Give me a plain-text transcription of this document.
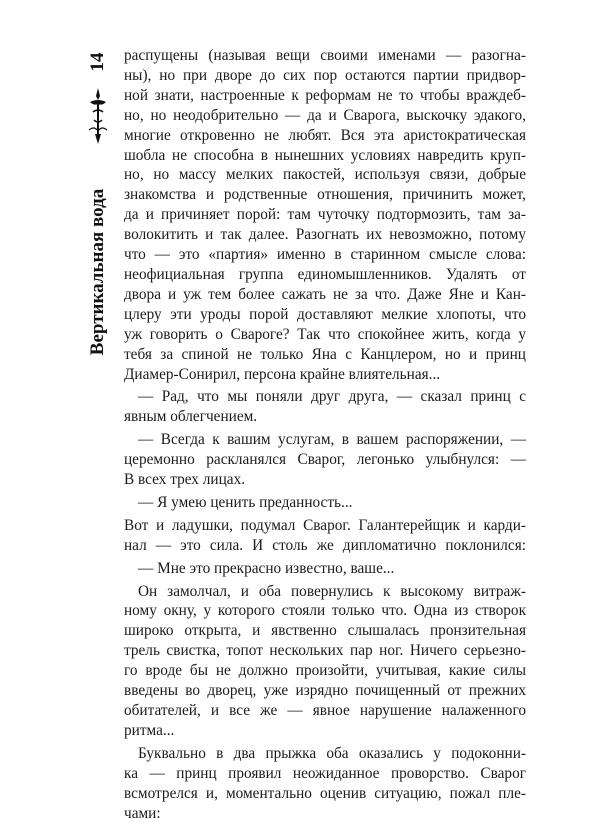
14
Вертикальная вода
распущены (называя вещи своими именами — разогна-
ны), но при дворе до сих пор остаются партии придвор-
ной знати, настроенные к реформам не то чтобы враждеб-
но, но неодобрительно — да и Сварога, выскочку эдакого,
многие откровенно не любят. Вся эта аристократическая
шобла не способна в нынешних условиях навредить круп-
но, но массу мелких пакостей, используя связи, добрые
знакомства и родственные отношения, причинить может,
да и причиняет порой: там чуточку подтормозить, там за-
волокитить и так далее. Разогнать их невозможно, потому
что — это «партия» именно в старинном смысле слова:
неофициальная группа единомышленников. Удалять от
двора и уж тем более сажать не за что. Даже Яне и Кан-
цлеру эти уроды порой доставляют мелкие хлопоты, что
уж говорить о Свароге? Так что спокойнее жить, когда у
тебя за спиной не только Яна с Канцлером, но и принц
Диамер-Сонирил, персона крайне влиятельная...
— Рад, что мы поняли друг друга, — сказал принц с
явным облегчением.
— Всегда к вашим услугам, в вашем распоряжении, —
церемонно раскланялся Сварог, легонько улыбнулся: —
В всех трех лицах.
— Я умею ценить преданность...
Вот и ладушки, подумал Сварог. Галантерейщик и карди-
нал — это сила. И столь же дипломатично поклонился:
— Мне это прекрасно известно, ваше...
Он замолчал, и оба повернулись к высокому витраж-
ному окну, у которого стояли только что. Одна из створок
широко открыта, и явственно слышалась пронзительная
трель свистка, топот нескольких пар ног. Ничего серьезно-
го вроде бы не должно произойти, учитывая, какие силы
введены во дворец, уже изрядно почищенный от прежних
обитателей, и все же — явное нарушение налаженного
ритма...
Буквально в два прыжка оба оказались у подоконни-
ка — принц проявил неожиданное проворство. Сварог
всмотрелся и, моментально оценив ситуацию, пожал пле-
чами:
